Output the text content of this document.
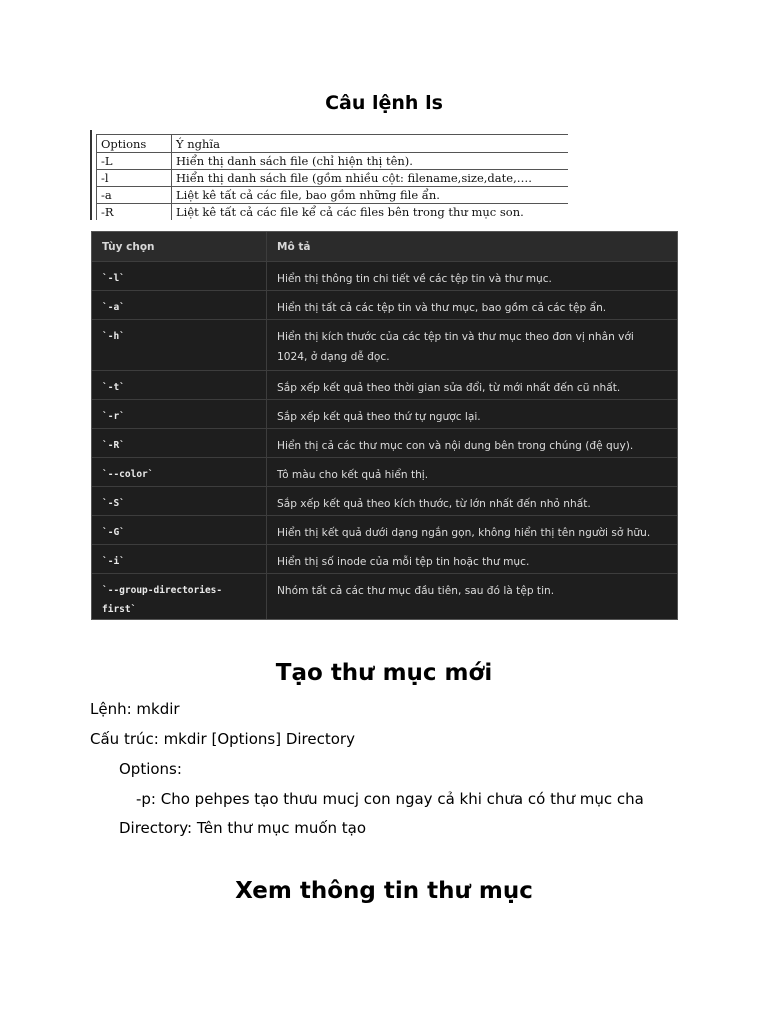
Câu lệnh ls
Options	Ý nghĩa
-L	Hiển thị danh sách file (chỉ hiện thị tên).
-l	Hiển thị danh sách file (gồm nhiều cột: filename,size,date,….
-a	Liệt kê tất cả các file, bao gồm những file ẩn.
-R	Liệt kê tất cả các file kể cả các files bên trong thư mục son.
Tùy chọn	Mô tả
`-l`	Hiển thị thông tin chi tiết về các tệp tin và thư mục.
`-a`	Hiển thị tất cả các tệp tin và thư mục, bao gồm cả các tệp ẩn.
`-h`	Hiển thị kích thước của các tệp tin và thư mục theo đơn vị nhân với 1024, ở dạng dễ đọc.
`-t`	Sắp xếp kết quả theo thời gian sửa đổi, từ mới nhất đến cũ nhất.
`-r`	Sắp xếp kết quả theo thứ tự ngược lại.
`-R`	Hiển thị cả các thư mục con và nội dung bên trong chúng (đệ quy).
`--color`	Tô màu cho kết quả hiển thị.
`-S`	Sắp xếp kết quả theo kích thước, từ lớn nhất đến nhỏ nhất.
`-G`	Hiển thị kết quả dưới dạng ngắn gọn, không hiển thị tên người sở hữu.
`-i`	Hiển thị số inode của mỗi tệp tin hoặc thư mục.
`--group-directories-first`	Nhóm tất cả các thư mục đầu tiên, sau đó là tệp tin.
Tạo thư mục mới

Lệnh: mkdir

Cấu trúc: mkdir [Options] Directory

Options:

-p: Cho pehpes tạo thưu mucj con ngay cả khi chưa có thư mục cha

Directory: Tên thư mục muốn tạo

Xem thông tin thư mục
